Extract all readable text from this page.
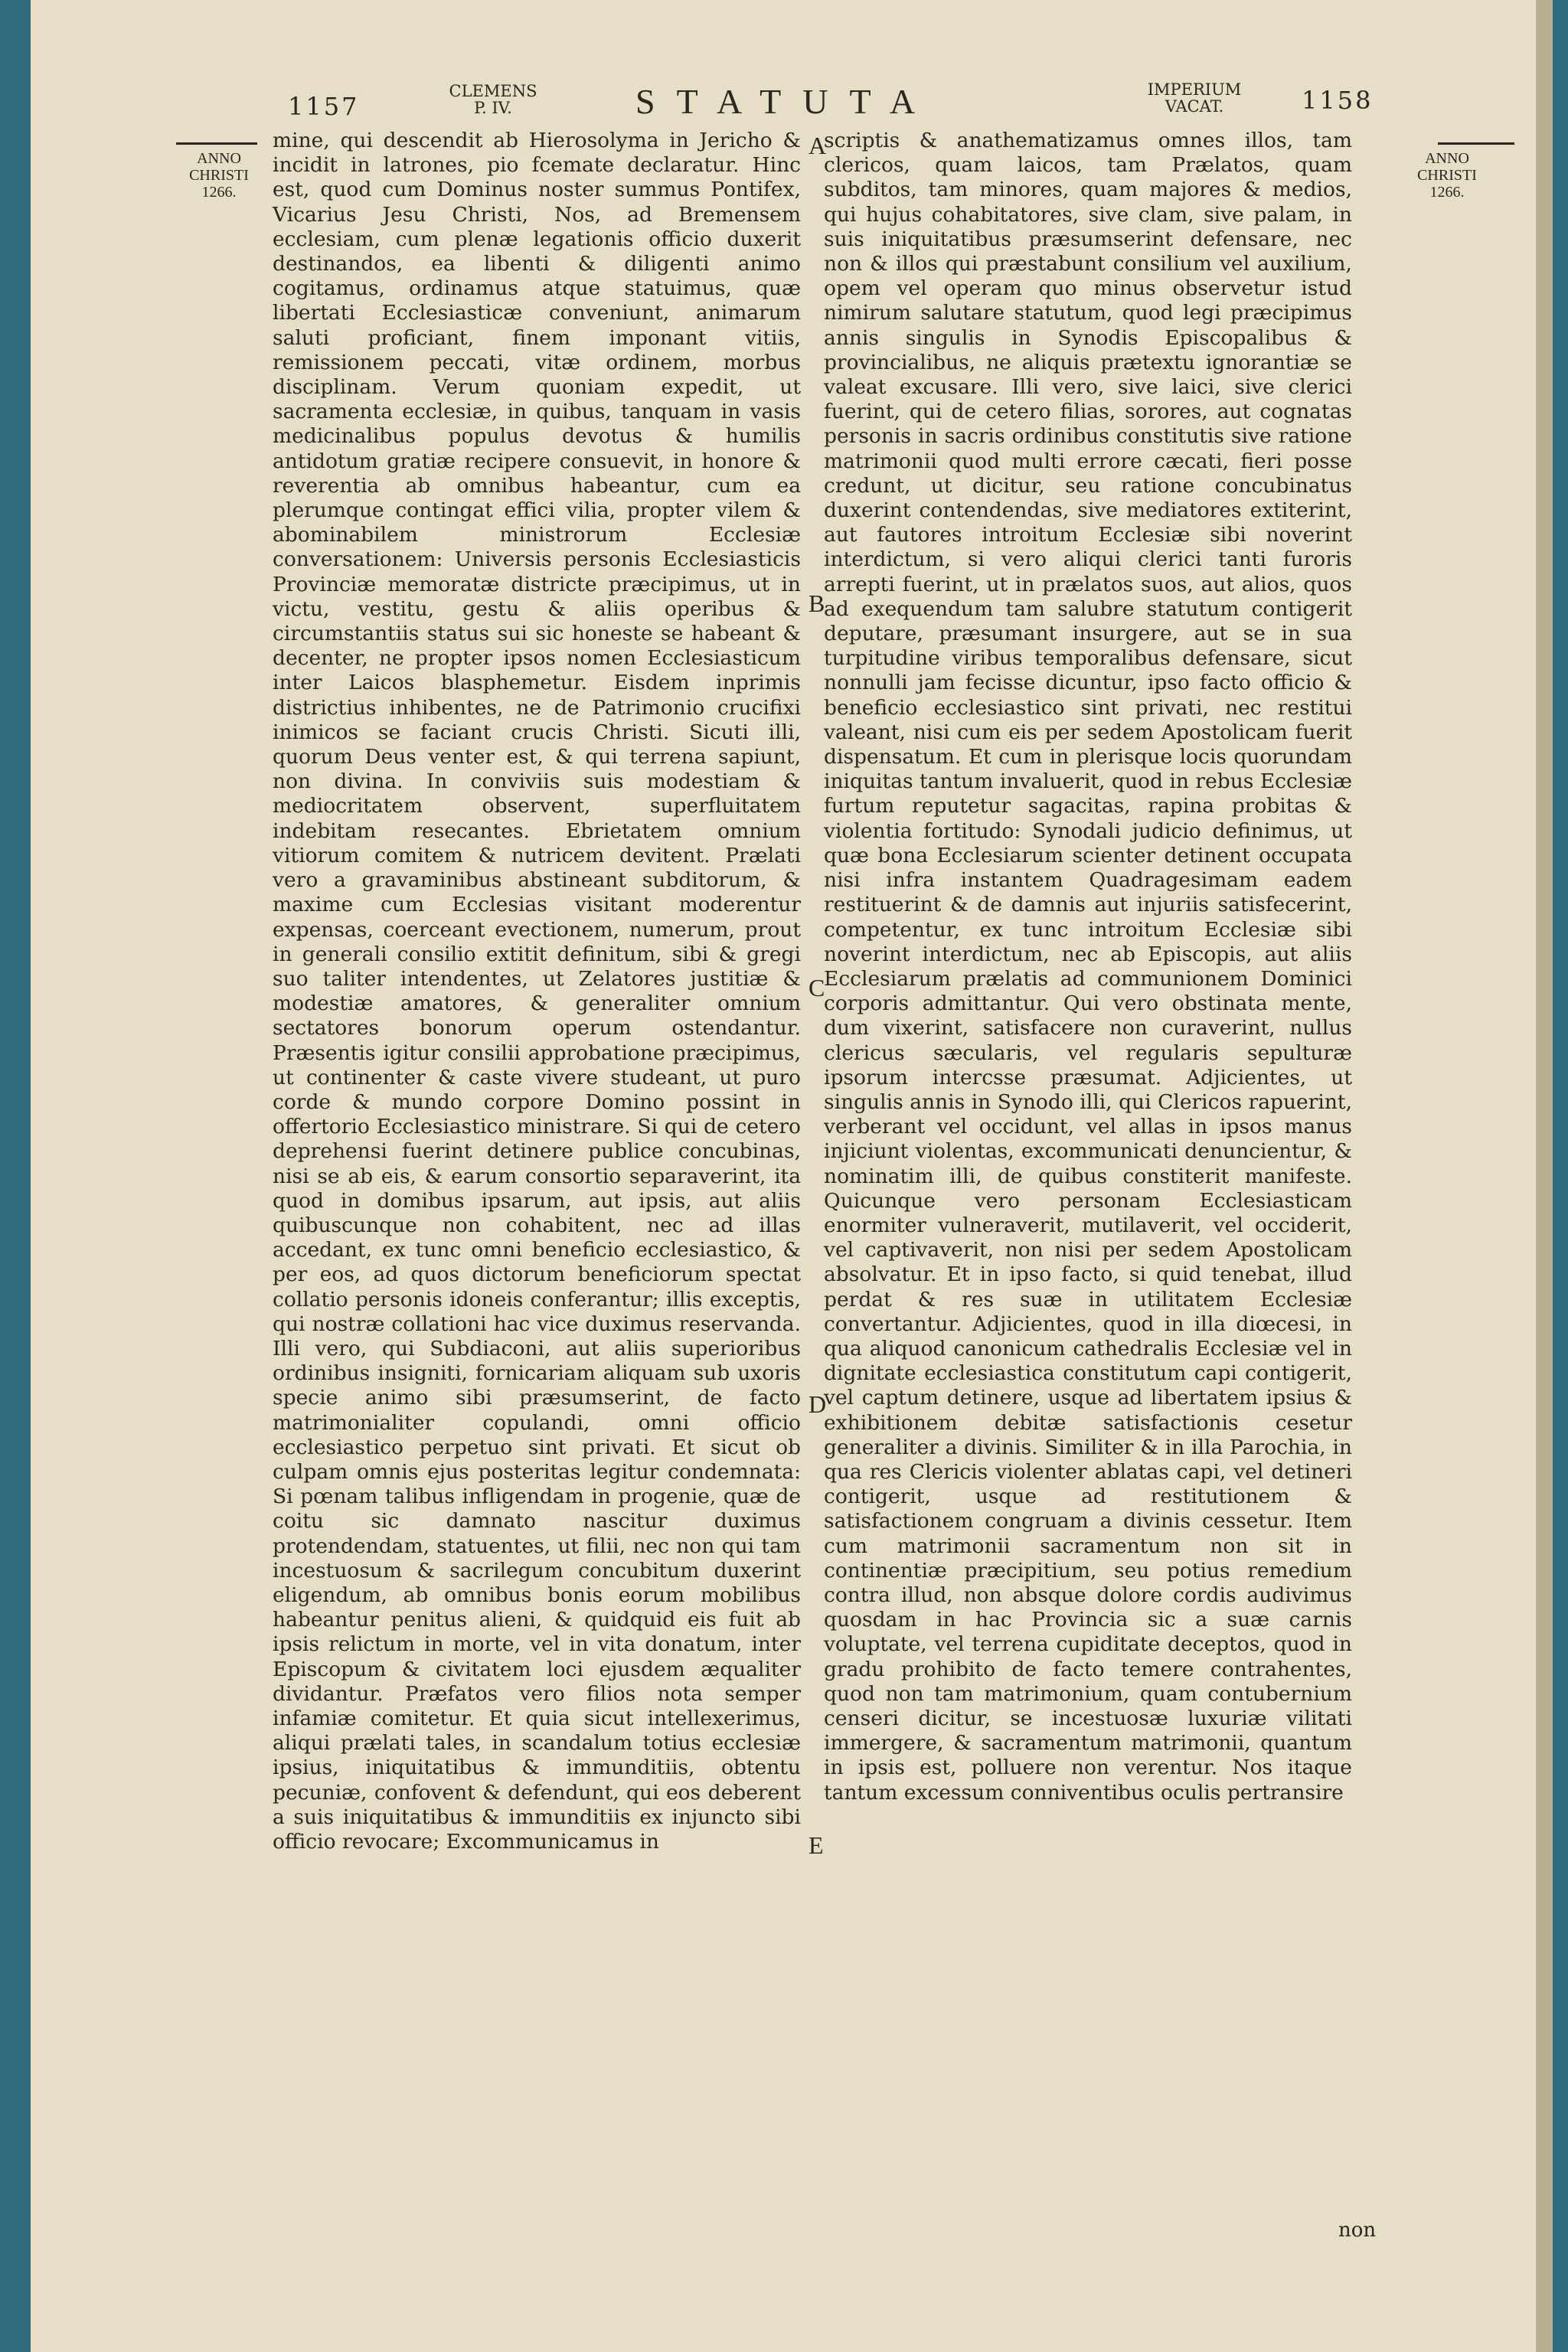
1157
CLEMENS
P. IV.	STATUTA	IMPERIUM
VACAT.	1158
ANNO
CHRISTI
1266.
ANNO
CHRISTI
1266.

mine, qui descendit ab Hierosolyma in Jericho & incidit in latrones, pio fcemate declaratur. Hinc est, quod cum Dominus noster summus Pontifex, Vicarius Jesu Christi, Nos, ad Bremensem ecclesiam, cum plenæ legationis officio duxerit destinandos, ea libenti & diligenti animo cogitamus, ordinamus atque statuimus, quæ libertati Ecclesiasticæ conveniunt, animarum saluti proficiant, finem imponant vitiis, remissionem peccati, vitæ ordinem, morbus disciplinam. Verum quoniam expedit, ut sacramenta ecclesiæ, in quibus, tanquam in vasis medicinalibus populus devotus & humilis antidotum gratiæ recipere consuevit, in honore & reverentia ab omnibus habeantur, cum ea plerumque contingat effici vilia, propter vilem & abominabilem ministrorum Ecclesiæ conversationem: Universis personis Ecclesiasticis Provinciæ memoratæ districte præcipimus, ut in victu, vestitu, gestu & aliis operibus & circumstantiis status sui sic honeste se habeant & decenter, ne propter ipsos nomen Ecclesiasticum inter Laicos blasphemetur. Eisdem inprimis districtius inhibentes, ne de Patrimonio crucifixi inimicos se faciant crucis Christi. Sicuti illi, quorum Deus venter est, & qui terrena sapiunt, non divina. In conviviis suis modestiam & mediocritatem observent, superfluitatem indebitam resecantes. Ebrietatem omnium vitiorum comitem & nutricem devitent. Prælati vero a gravaminibus abstineant subditorum, & maxime cum Ecclesias visitant moderentur expensas, coerceant evectionem, numerum, prout in generali consilio extitit definitum, sibi & gregi suo taliter intendentes, ut Zelatores justitiæ & modestiæ amatores, & generaliter omnium sectatores bonorum operum ostendantur. Præsentis igitur consilii approbatione præcipimus, ut continenter & caste vivere studeant, ut puro corde & mundo corpore Domino possint in offertorio Ecclesiastico ministrare. Si qui de cetero deprehensi fuerint detinere publice concubinas, nisi se ab eis, & earum consortio separaverint, ita quod in domibus ipsarum, aut ipsis, aut aliis quibuscunque non cohabitent, nec ad illas accedant, ex tunc omni beneficio ecclesiastico, & per eos, ad quos dictorum beneficiorum spectat collatio personis idoneis conferantur; illis exceptis, qui nostræ collationi hac vice duximus reservanda. Illi vero, qui Subdiaconi, aut aliis superioribus ordinibus insigniti, fornicariam aliquam sub uxoris specie animo sibi præsumserint, de facto matrimonialiter copulandi, omni officio ecclesiastico perpetuo sint privati. Et sicut ob culpam omnis ejus posteritas legitur condemnata: Si pœnam talibus infligendam in progenie, quæ de coitu sic damnato nascitur duximus protendendam, statuentes, ut filii, nec non qui tam incestuosum & sacrilegum concubitum duxerint eligendum, ab omnibus bonis eorum mobilibus habeantur penitus alieni, & quidquid eis fuit ab ipsis relictum in morte, vel in vita donatum, inter Episcopum & civitatem loci ejusdem æqualiter dividantur. Præfatos vero filios nota semper infamiæ comitetur. Et quia sicut intellexerimus, aliqui prælati tales, in scandalum totius ecclesiæ ipsius, iniquitatibus & immunditiis, obtentu pecuniæ, confovent & defendunt, qui eos deberent a suis iniquitatibus & immunditiis ex injuncto sibi officio revocare; Excommunicamus in

scriptis & anathematizamus omnes illos, tam clericos, quam laicos, tam Prælatos, quam subditos, tam minores, quam majores & medios, qui hujus cohabitatores, sive clam, sive palam, in suis iniquitatibus præsumserint defensare, nec non & illos qui præstabunt consilium vel auxilium, opem vel operam quo minus observetur istud nimirum salutare statutum, quod legi præcipimus annis singulis in Synodis Episcopalibus & provincialibus, ne aliquis prætextu ignorantiæ se valeat excusare. Illi vero, sive laici, sive clerici fuerint, qui de cetero filias, sorores, aut cognatas personis in sacris ordinibus constitutis sive ratione matrimonii quod multi errore cæcati, fieri posse credunt, ut dicitur, seu ratione concubinatus duxerint contendendas, sive mediatores extiterint, aut fautores introitum Ecclesiæ sibi noverint interdictum, si vero aliqui clerici tanti furoris arrepti fuerint, ut in prælatos suos, aut alios, quos ad exequendum tam salubre statutum contigerit deputare, præsumant insurgere, aut se in sua turpitudine viribus temporalibus defensare, sicut nonnulli jam fecisse dicuntur, ipso facto officio & beneficio ecclesiastico sint privati, nec restitui valeant, nisi cum eis per sedem Apostolicam fuerit dispensatum. Et cum in plerisque locis quorundam iniquitas tantum invaluerit, quod in rebus Ecclesiæ furtum reputetur sagacitas, rapina probitas & violentia fortitudo: Synodali judicio definimus, ut quæ bona Ecclesiarum scienter detinent occupata nisi infra instantem Quadragesimam eadem restituerint & de damnis aut injuriis satisfecerint, competentur, ex tunc introitum Ecclesiæ sibi noverint interdictum, nec ab Episcopis, aut aliis Ecclesiarum prælatis ad communionem Dominici corporis admittantur. Qui vero obstinata mente, dum vixerint, satisfacere non curaverint, nullus clericus sæcularis, vel regularis sepulturæ ipsorum intercsse præsumat. Adjicientes, ut singulis annis in Synodo illi, qui Clericos rapuerint, verberant vel occidunt, vel allas in ipsos manus injiciunt violentas, excommunicati denuncientur, & nominatim illi, de quibus constiterit manifeste. Quicunque vero personam Ecclesiasticam enormiter vulneraverit, mutilaverit, vel occiderit, vel captivaverit, non nisi per sedem Apostolicam absolvatur. Et in ipso facto, si quid tenebat, illud perdat & res suæ in utilitatem Ecclesiæ convertantur. Adjicientes, quod in illa diœcesi, in qua aliquod canonicum cathedralis Ecclesiæ vel in dignitate ecclesiastica constitutum capi contigerit, vel captum detinere, usque ad libertatem ipsius & exhibitionem debitæ satisfactionis cesetur generaliter a divinis. Similiter & in illa Parochia, in qua res Clericis violenter ablatas capi, vel detineri contigerit, usque ad restitutionem & satisfactionem congruam a divinis cessetur. Item cum matrimonii sacramentum non sit in continentiæ præcipitium, seu potius remedium contra illud, non absque dolore cordis audivimus quosdam in hac Provincia sic a suæ carnis voluptate, vel terrena cupiditate deceptos, quod in gradu prohibito de facto temere contrahentes, quod non tam matrimonium, quam contubernium censeri dicitur, se incestuosæ luxuriæ vilitati immergere, & sacramentum matrimonii, quantum in ipsis est, polluere non verentur. Nos itaque tantum excessum conniventibus oculis pertransire

A
B
C
D
E
non
